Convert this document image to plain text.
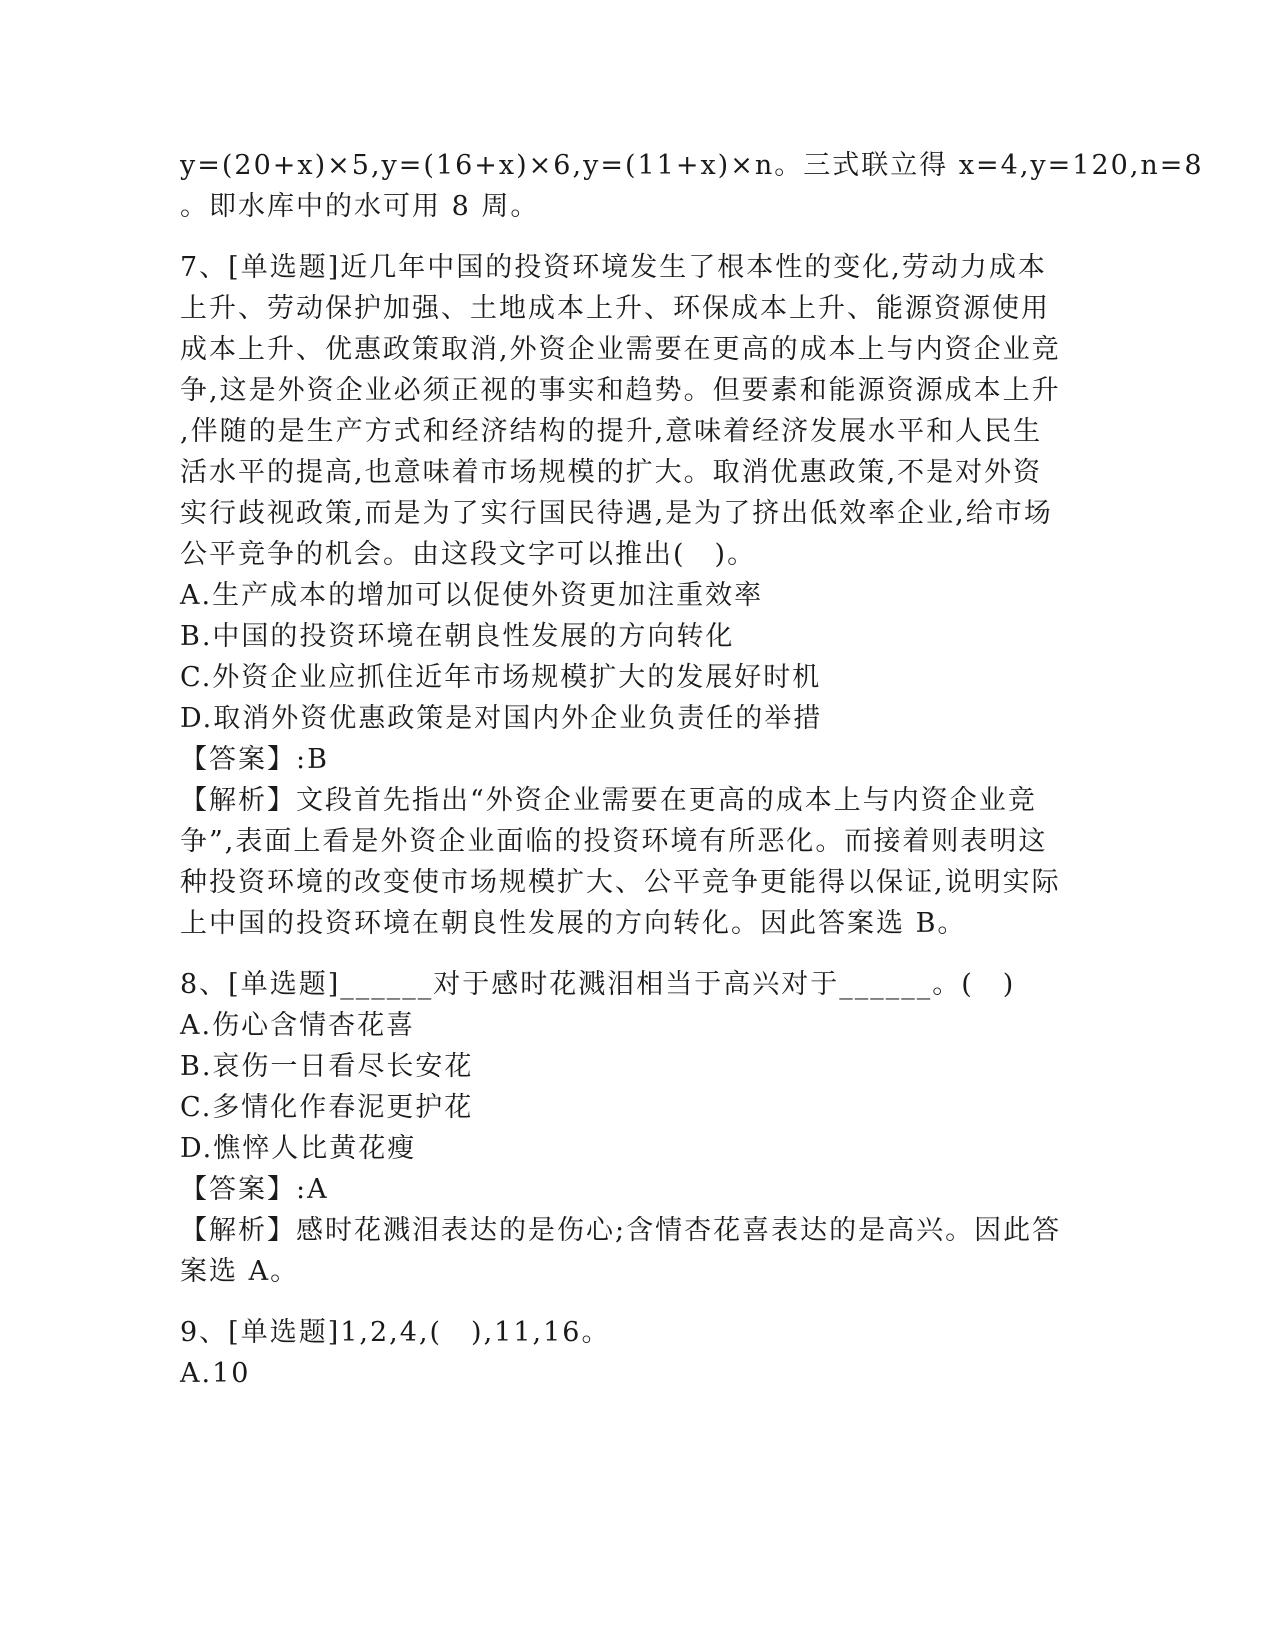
y=(20+x)×5,y=(16+x)×6,y=(11+x)×n。三式联立得 x=4,y=120,n=8
。即水库中的水可用 8 周。
7、[单选题]近几年中国的投资环境发生了根本性的变化,劳动力成本
上升、劳动保护加强、土地成本上升、环保成本上升、能源资源使用
成本上升、优惠政策取消,外资企业需要在更高的成本上与内资企业竞
争,这是外资企业必须正视的事实和趋势。但要素和能源资源成本上升
,伴随的是生产方式和经济结构的提升,意味着经济发展水平和人民生
活水平的提高,也意味着市场规模的扩大。取消优惠政策,不是对外资
实行歧视政策,而是为了实行国民待遇,是为了挤出低效率企业,给市场
公平竞争的机会。由这段文字可以推出(　)。
A.生产成本的增加可以促使外资更加注重效率
B.中国的投资环境在朝良性发展的方向转化
C.外资企业应抓住近年市场规模扩大的发展好时机
D.取消外资优惠政策是对国内外企业负责任的举措
【答案】:B
【解析】文段首先指出“外资企业需要在更高的成本上与内资企业竞
争”,表面上看是外资企业面临的投资环境有所恶化。而接着则表明这
种投资环境的改变使市场规模扩大、公平竞争更能得以保证,说明实际
上中国的投资环境在朝良性发展的方向转化。因此答案选 B。
8、[单选题]______对于感时花溅泪相当于高兴对于______。(　)
A.伤心含情杏花喜
B.哀伤一日看尽长安花
C.多情化作春泥更护花
D.憔悴人比黄花瘦
【答案】:A
【解析】感时花溅泪表达的是伤心;含情杏花喜表达的是高兴。因此答
案选 A。
9、[单选题]1,2,4,(　),11,16。
A.10
